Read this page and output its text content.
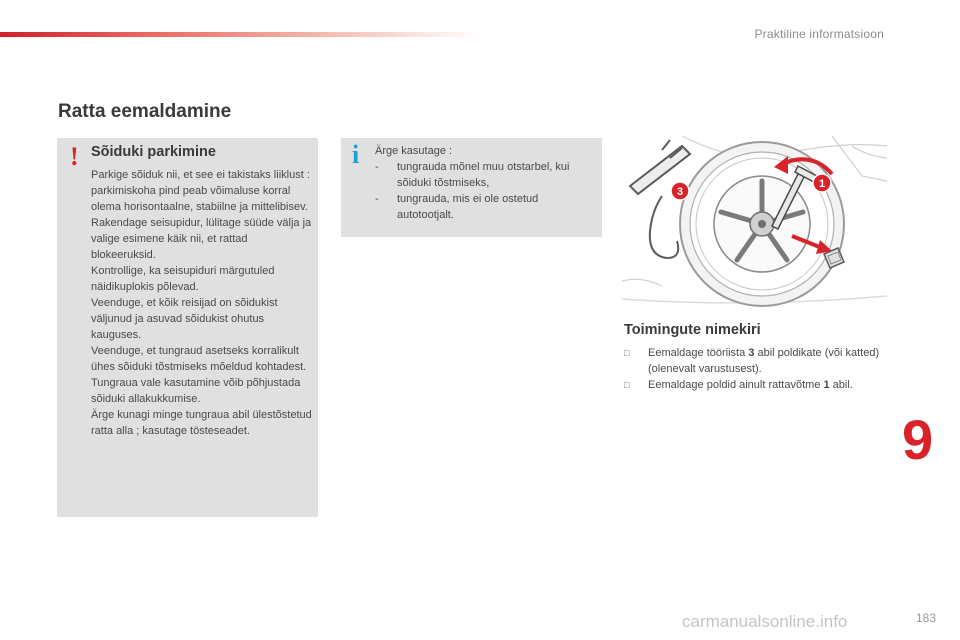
Praktiline informatsioon
Ratta eemaldamine
! Sõiduki parkimine

Parkige sõiduk nii, et see ei takistaks liiklust : parkimiskoha pind peab võimaluse korral olema horisontaalne, stabiilne ja mittelibisev.

Rakendage seisupidur, lülitage süüde välja ja valige esimene käik nii, et rattad blokeeruksid.

Kontrollige, ka seisupiduri märgutuled näidikuplokis põlevad.

Veenduge, et kõik reisijad on sõidukist väljunud ja asuvad sõidukist ohutus kauguses.

Veenduge, et tungraud asetseks korralikult ühes sõiduki tõstmiseks mõeldud kohtadest.

Tungraua vale kasutamine võib põhjustada sõiduki allakukkumise.

Ärge kunagi minge tungraua abil ülestõstetud ratta alla ; kasutage tösteseadet.

i Ärge kasutage :

- tungrauda mõnel muu otstarbel, kui sõiduki tõstmiseks,
- tungrauda, mis ei ole ostetud autotootjalt.
3
1
Toimingute nimekiri
□ Eemaldage tööriista 3 abil poldikate (või katted) (olenevalt varustusest).
□ Eemaldage poldid ainult rattavõtme 1 abil.
9
carmanualsonline.info	183
